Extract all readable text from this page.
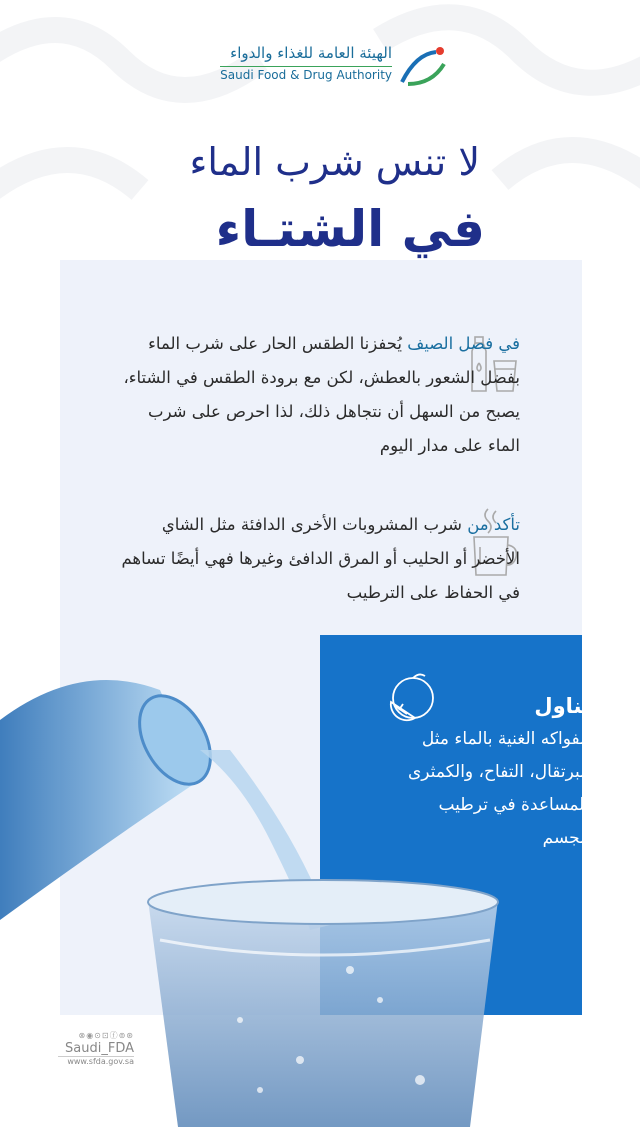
الهيئة العامة للغذاء والدواء
Saudi Food & Drug Authority
لا تنس شرب الماء
في الشتـاء
في فصل الصيف يُحفزنا الطقس الحار على شرب الماء بفضل الشعور بالعطش، لكن مع برودة الطقس في الشتاء، يصبح من السهل أن نتجاهل ذلك، لذا احرص على شرب الماء على مدار اليوم
تأكد من شرب المشروبات الأخرى الدافئة مثل الشاي الأخضر أو الحليب أو المرق الدافئ وغيرها فهي أيضًا تساهم في الحفاظ على الترطيب
تناول
الفواكه الغنية بالماء مثل البرتقال، التفاح، والكمثرى للمساعدة في ترطيب الجسم
⊗◉⊙⊡ⓕ⊚⊛
Saudi_FDA
www.sfda.gov.sa
